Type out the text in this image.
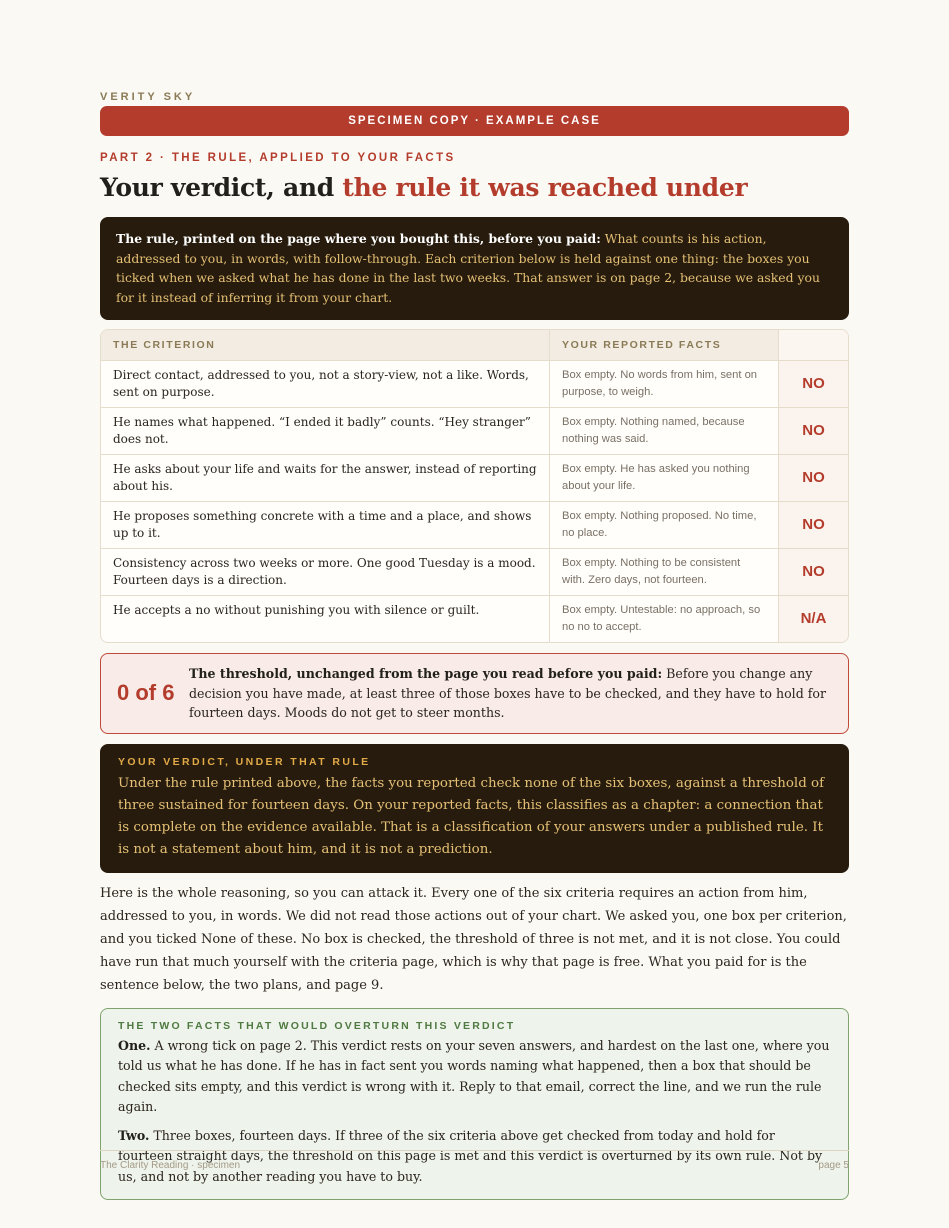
VERITY SKY
SPECIMEN COPY · EXAMPLE CASE
PART 2 · THE RULE, APPLIED TO YOUR FACTS
Your verdict, and the rule it was reached under
The rule, printed on the page where you bought this, before you paid: What counts is his action, addressed to you, in words, with follow-through. Each criterion below is held against one thing: the boxes you ticked when we asked what he has done in the last two weeks. That answer is on page 2, because we asked you for it instead of inferring it from your chart.
THE CRITERION	YOUR REPORTED FACTS	
Direct contact, addressed to you, not a story-view, not a like. Words, sent on purpose.	Box empty. No words from him, sent on purpose, to weigh.	NO
He names what happened. “I ended it badly” counts. “Hey stranger” does not.	Box empty. Nothing named, because nothing was said.	NO
He asks about your life and waits for the answer, instead of reporting about his.	Box empty. He has asked you nothing about your life.	NO
He proposes something concrete with a time and a place, and shows up to it.	Box empty. Nothing proposed. No time, no place.	NO
Consistency across two weeks or more. One good Tuesday is a mood. Fourteen days is a direction.	Box empty. Nothing to be consistent with. Zero days, not fourteen.	NO
He accepts a no without punishing you with silence or guilt.	Box empty. Untestable: no approach, so no no to accept.	N/A
0 of 6
The threshold, unchanged from the page you read before you paid: Before you change any decision you have made, at least three of those boxes have to be checked, and they have to hold for fourteen days. Moods do not get to steer months.
YOUR VERDICT, UNDER THAT RULE
Under the rule printed above, the facts you reported check none of the six boxes, against a threshold of three sustained for fourteen days. On your reported facts, this classifies as a chapter: a connection that is complete on the evidence available. That is a classification of your answers under a published rule. It is not a statement about him, and it is not a prediction.
Here is the whole reasoning, so you can attack it. Every one of the six criteria requires an action from him, addressed to you, in words. We did not read those actions out of your chart. We asked you, one box per criterion, and you ticked None of these. No box is checked, the threshold of three is not met, and it is not close. You could have run that much yourself with the criteria page, which is why that page is free. What you paid for is the sentence below, the two plans, and page 9.
THE TWO FACTS THAT WOULD OVERTURN THIS VERDICT

One. A wrong tick on page 2. This verdict rests on your seven answers, and hardest on the last one, where you told us what he has done. If he has in fact sent you words naming what happened, then a box that should be checked sits empty, and this verdict is wrong with it. Reply to that email, correct the line, and we run the rule again.

Two. Three boxes, fourteen days. If three of the six criteria above get checked from today and hold for fourteen straight days, the threshold on this page is met and this verdict is overturned by its own rule. Not by us, and not by another reading you have to buy.

The Clarity Reading · specimen	page 5
